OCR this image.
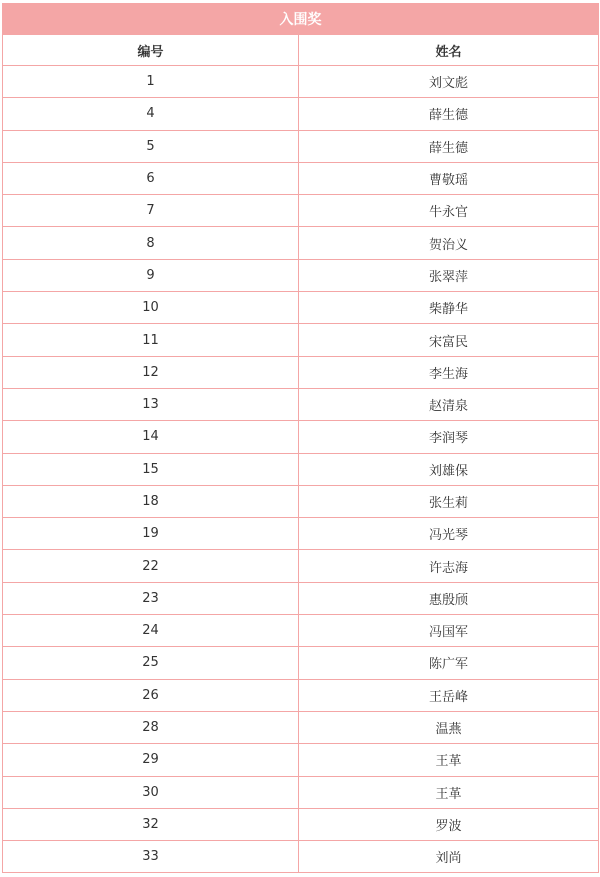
入围奖	
编号	姓名
1	刘文彪
4	薛生德
5	薛生德
6	曹敬瑶
7	牛永官
8	贺治义
9	张翠萍
10	柴静华
11	宋富民
12	李生海
13	赵清泉
14	李润琴
15	刘雄保
18	张生莉
19	冯光琴
22	许志海
23	惠殷颀
24	冯国军
25	陈广军
26	王岳峰
28	温燕
29	王革
30	王革
32	罗波
33	刘尚
